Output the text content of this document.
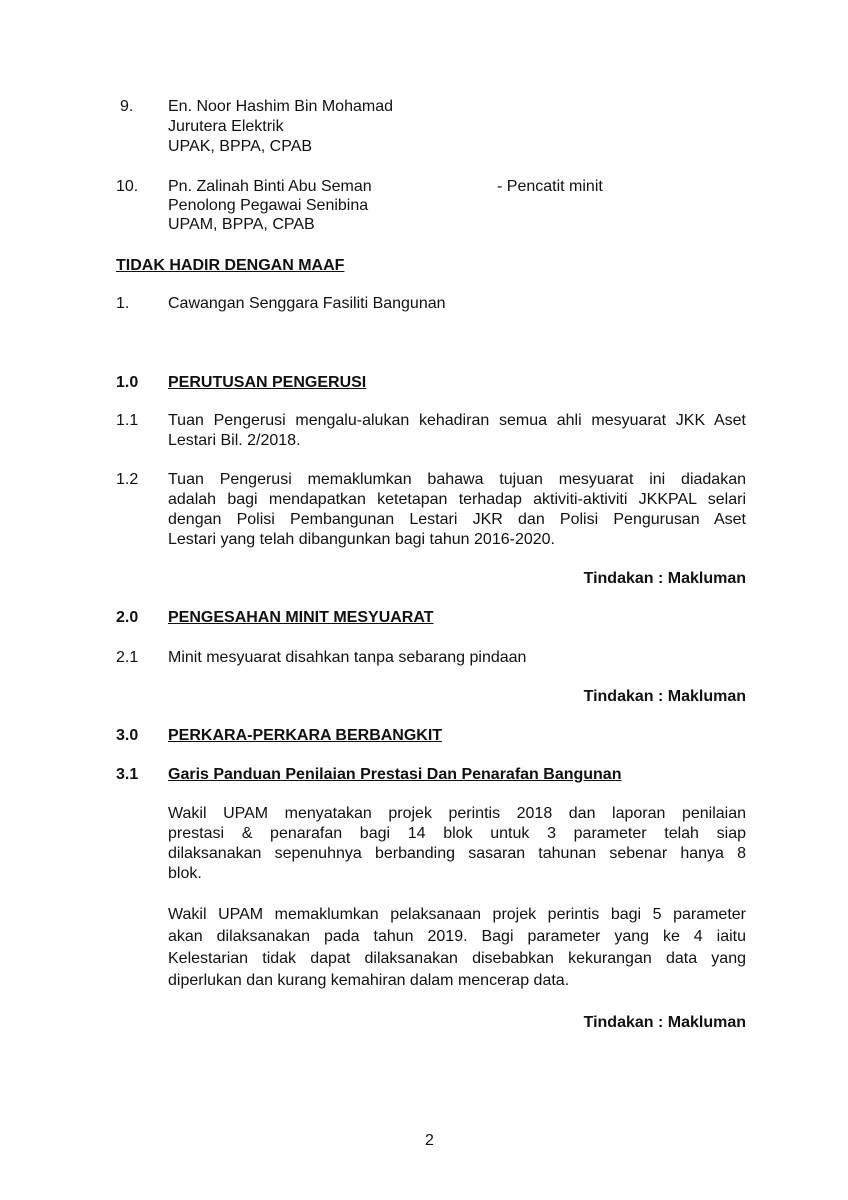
9. En. Noor Hashim Bin Mohamad
Jurutera Elektrik
UPAK, BPPA, CPAB
10. Pn. Zalinah Binti Abu Seman	- Pencatit minit
Penolong Pegawai Senibina
UPAM, BPPA, CPAB
TIDAK HADIR DENGAN MAAF
1. Cawangan Senggara Fasiliti Bangunan
1.0 PERUTUSAN PENGERUSI
1.1 Tuan Pengerusi mengalu-alukan kehadiran semua ahli mesyuarat JKK Aset
Lestari Bil. 2/2018.
1.2 Tuan Pengerusi memaklumkan bahawa tujuan mesyuarat ini diadakan
adalah bagi mendapatkan ketetapan terhadap aktiviti-aktiviti JKKPAL selari
dengan Polisi Pembangunan Lestari JKR dan Polisi Pengurusan Aset
Lestari yang telah dibangunkan bagi tahun 2016-2020.
Tindakan : Makluman
2.0 PENGESAHAN MINIT MESYUARAT
2.1 Minit mesyuarat disahkan tanpa sebarang pindaan
Tindakan : Makluman
3.0 PERKARA-PERKARA BERBANGKIT
3.1 Garis Panduan Penilaian Prestasi Dan Penarafan Bangunan
Wakil UPAM menyatakan projek perintis 2018 dan laporan penilaian
prestasi & penarafan bagi 14 blok untuk 3 parameter telah siap
dilaksanakan sepenuhnya berbanding sasaran tahunan sebenar hanya 8
blok.
Wakil UPAM memaklumkan pelaksanaan projek perintis bagi 5 parameter
akan dilaksanakan pada tahun 2019. Bagi parameter yang ke 4 iaitu
Kelestarian tidak dapat dilaksanakan disebabkan kekurangan data yang
diperlukan dan kurang kemahiran dalam mencerap data.
Tindakan : Makluman
2
